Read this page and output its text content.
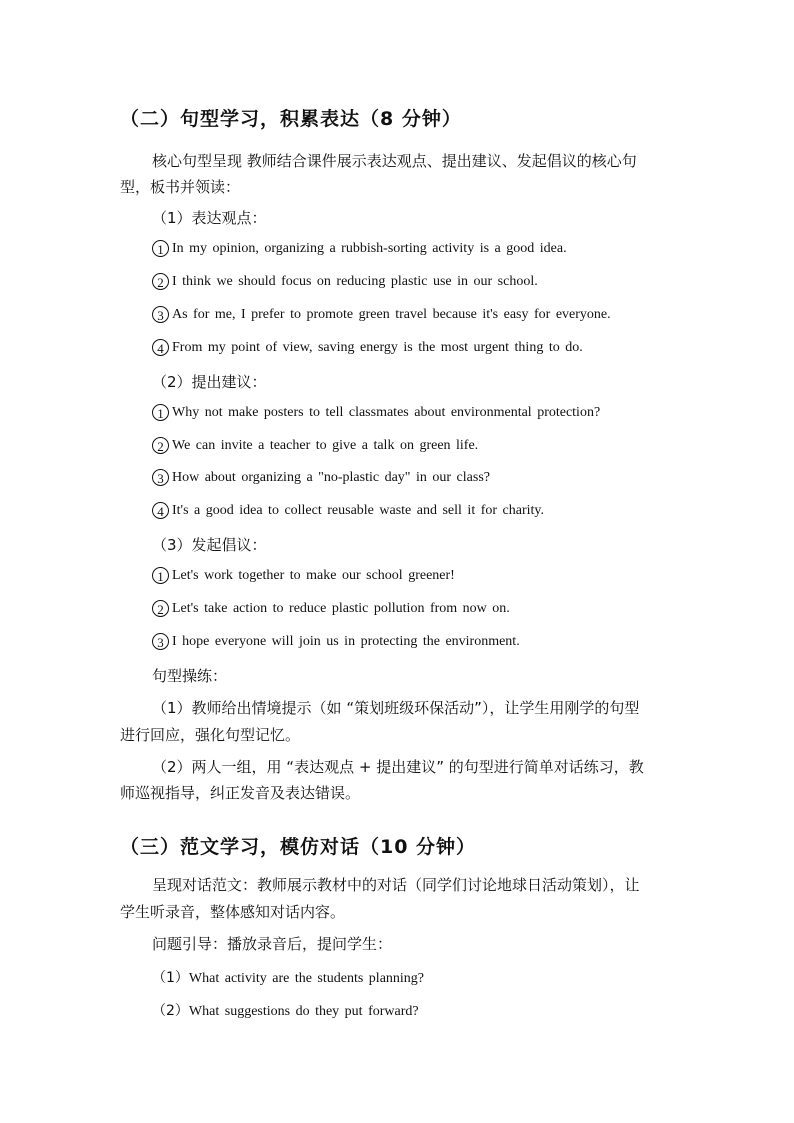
（二）句型学习，积累表达（8 分钟）
核心句型呈现 教师结合课件展示表达观点、提出建议、发起倡议的核心句
型，板书并领读：
（1）表达观点：
1 In my opinion, organizing a rubbish-sorting activity is a good idea.
2 I think we should focus on reducing plastic use in our school.
3 As for me, I prefer to promote green travel because it's easy for everyone.
4 From my point of view, saving energy is the most urgent thing to do.
（2）提出建议：
1 Why not make posters to tell classmates about environmental protection?
2 We can invite a teacher to give a talk on green life.
3 How about organizing a "no-plastic day" in our class?
4 It's a good idea to collect reusable waste and sell it for charity.
（3）发起倡议：
1 Let's work together to make our school greener!
2 Let's take action to reduce plastic pollution from now on.
3 I hope everyone will join us in protecting the environment.
句型操练：
（1）教师给出情境提示（如 “策划班级环保活动”），让学生用刚学的句型
进行回应，强化句型记忆。
（2）两人一组，用 “表达观点 + 提出建议” 的句型进行简单对话练习，教
师巡视指导，纠正发音及表达错误。
（三）范文学习，模仿对话（10 分钟）
呈现对话范文：教师展示教材中的对话（同学们讨论地球日活动策划），让
学生听录音，整体感知对话内容。
问题引导：播放录音后，提问学生：
（1）What activity are the students planning?
（2）What suggestions do they put forward?
